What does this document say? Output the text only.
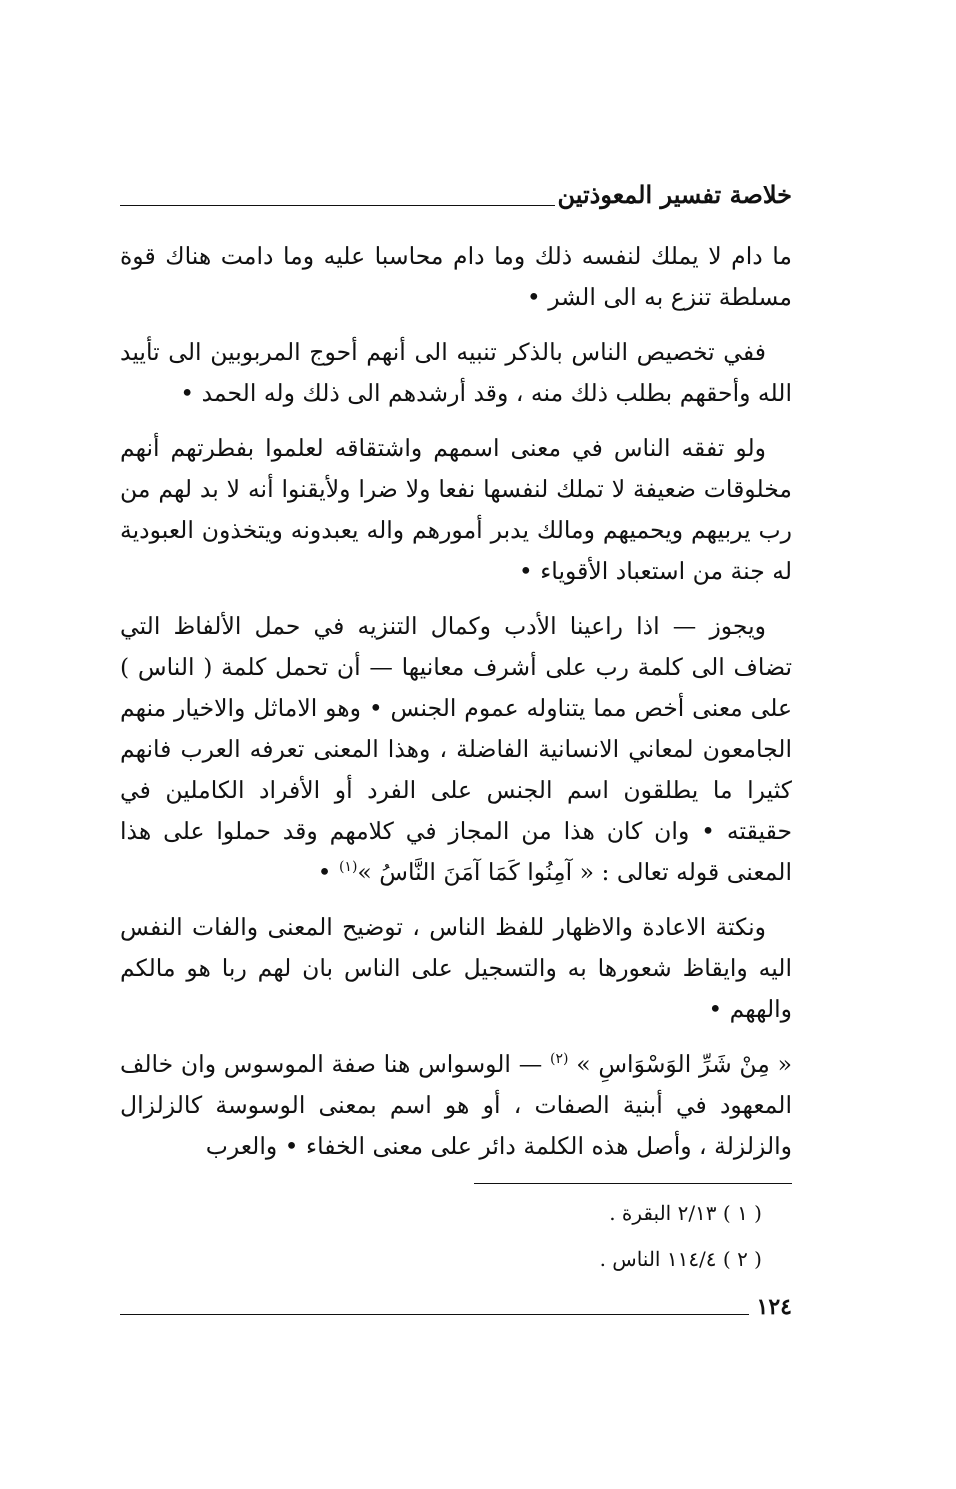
خلاصة تفسير المعوذتين

ما دام لا يملك لنفسه ذلك وما دام محاسبا عليه وما دامت هناك قوة مسلطة تنزع به الى الشر •

ففي تخصيص الناس بالذكر تنبيه الى أنهم أحوج المربوبين الى تأييد الله وأحقهم بطلب ذلك منه ، وقد أرشدهم الى ذلك وله الحمد •

ولو تفقه الناس في معنى اسمهم واشتقاقه لعلموا بفطرتهم أنهم مخلوقات ضعيفة لا تملك لنفسها نفعا ولا ضرا ولأيقنوا أنه لا بد لهم من رب يربيهم ويحميهم ومالك يدبر أمورهم واله يعبدونه ويتخذون العبودية له جنة من استعباد الأقوياء •

ويجوز — اذا راعينا الأدب وكمال التنزيه في حمل الألفاظ التي تضاف الى كلمة رب على أشرف معانيها — أن تحمل كلمة ( الناس ) على معنى أخص مما يتناوله عموم الجنس • وهو الاماثل والاخيار منهم الجامعون لمعاني الانسانية الفاضلة ، وهذا المعنى تعرفه العرب فانهم كثيرا ما يطلقون اسم الجنس على الفرد أو الأفراد الكاملين في حقيقته • وان كان هذا من المجاز في كلامهم وقد حملوا على هذا المعنى قوله تعالى : « آمِنُوا كَمَا آمَنَ النَّاسُ »$^{(١)}$ •

ونكتة الاعادة والاظهار للفظ الناس ، توضيح المعنى والفات النفس اليه وايقاظ شعورها به والتسجيل على الناس بان لهم ربا هو مالكم والههم •

« مِنْ شَرِّ الوَسْوَاسِ » $^{(٢)}$ — الوسواس هنا صفة الموسوس وان خالف المعهود في أبنية الصفات ، أو هو اسم بمعنى الوسوسة كالزلزال والزلزلة ، وأصل هذه الكلمة دائر على معنى الخفاء • والعرب

( ١ ) ٢/١٣ البقرة .
( ٢ ) ١١٤/٤ الناس .
١٢٤
